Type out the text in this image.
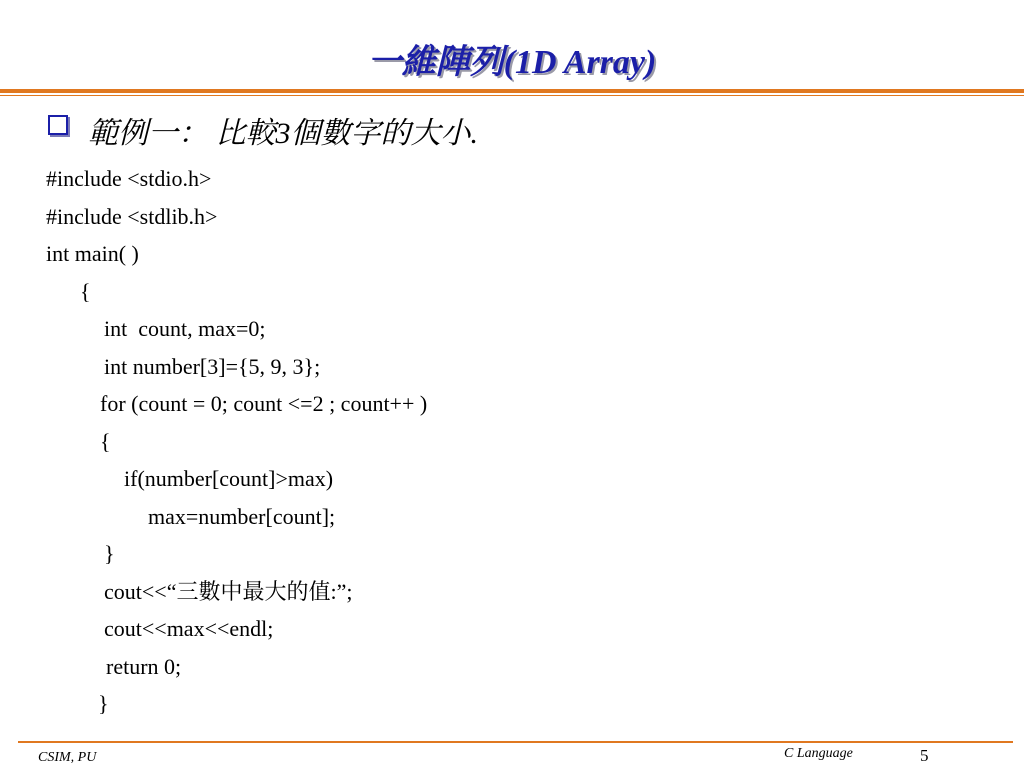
一維陣列(1D Array)
範例一： 比較3個數字的大小.
#include <stdio.h>
#include <stdlib.h>
int main( )
{
int  count, max=0;
int number[3]={5, 9, 3};
for (count = 0; count <=2 ; count++ )
{
if(number[count]>max)
max=number[count];
}
cout<<“三數中最大的值:”;
cout<<max<<endl;
return 0;
}
CSIM, PU	C Language	5
